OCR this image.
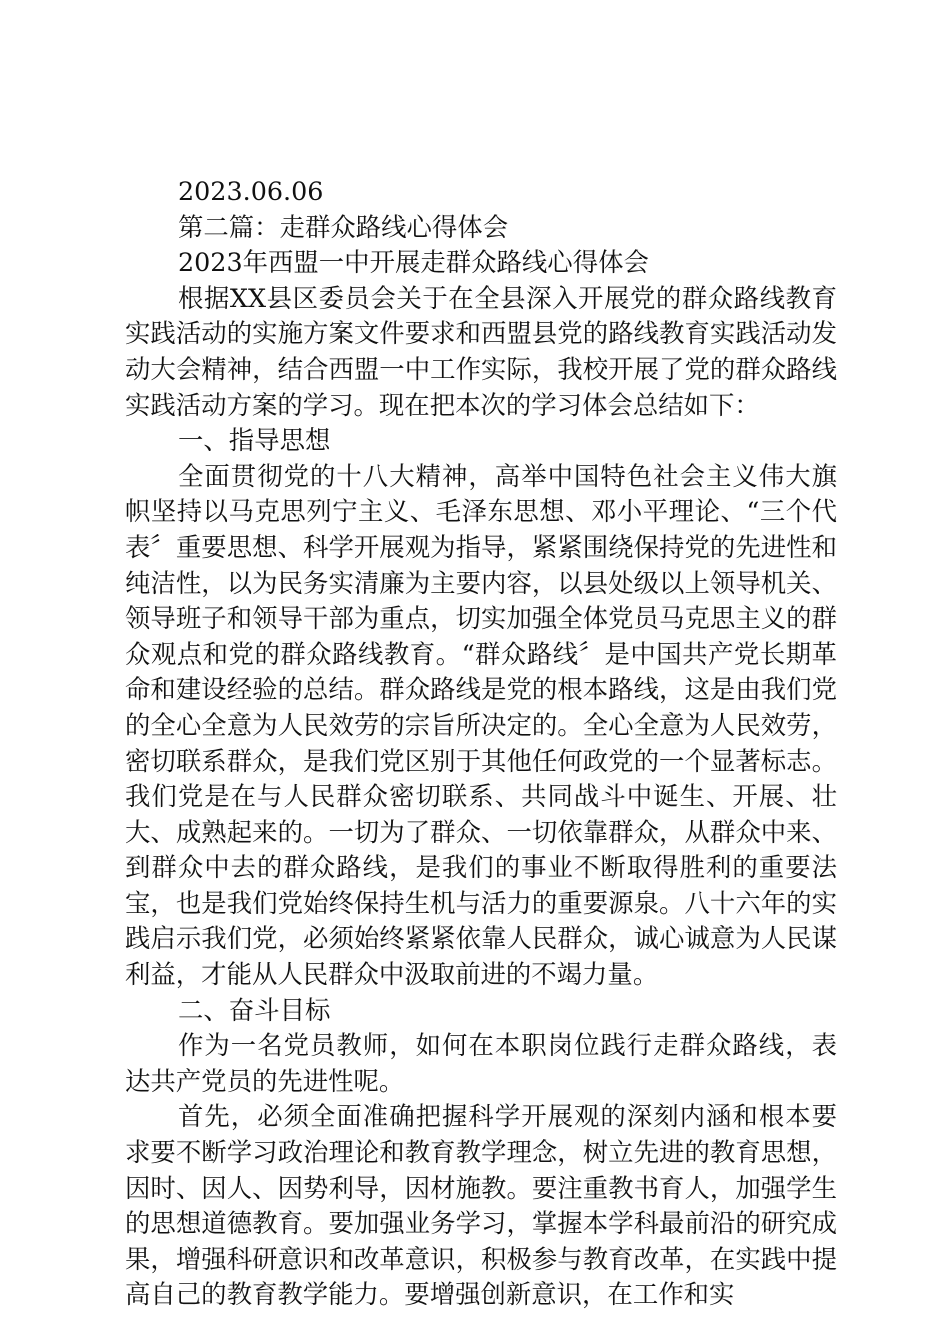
2023.06.06
第二篇：走群众路线心得体会
2023年西盟一中开展走群众路线心得体会

根据XX县区委员会关于在全县深入开展党的群众路线教育实践活动的实施方案文件要求和西盟县党的路线教育实践活动发动大会精神，结合西盟一中工作实际，我校开展了党的群众路线实践活动方案的学习。现在把本次的学习体会总结如下：

一、指导思想

全面贯彻党的十八大精神，高举中国特色社会主义伟大旗帜坚持以马克思列宁主义、毛泽东思想、邓小平理论、“三个代表〞重要思想、科学开展观为指导，紧紧围绕保持党的先进性和纯洁性，以为民务实清廉为主要内容，以县处级以上领导机关、领导班子和领导干部为重点，切实加强全体党员马克思主义的群众观点和党的群众路线教育。“群众路线〞是中国共产党长期革命和建设经验的总结。群众路线是党的根本路线，这是由我们党的全心全意为人民效劳的宗旨所决定的。全心全意为人民效劳，密切联系群众，是我们党区别于其他任何政党的一个显著标志。我们党是在与人民群众密切联系、共同战斗中诞生、开展、壮大、成熟起来的。一切为了群众、一切依靠群众，从群众中来、到群众中去的群众路线，是我们的事业不断取得胜利的重要法宝，也是我们党始终保持生机与活力的重要源泉。八十六年的实践启示我们党，必须始终紧紧依靠人民群众，诚心诚意为人民谋利益，才能从人民群众中汲取前进的不竭力量。

二、奋斗目标

作为一名党员教师，如何在本职岗位践行走群众路线，表达共产党员的先进性呢。

首先，必须全面准确把握科学开展观的深刻内涵和根本要求要不断学习政治理论和教育教学理念，树立先进的教育思想，因时、因人、因势利导，因材施教。要注重教书育人，加强学生的思想道德教育。要加强业务学习，掌握本学科最前沿的研究成果，增强科研意识和改革意识，积极参与教育改革，在实践中提高自己的教育教学能力。要增强创新意识，在工作和实
